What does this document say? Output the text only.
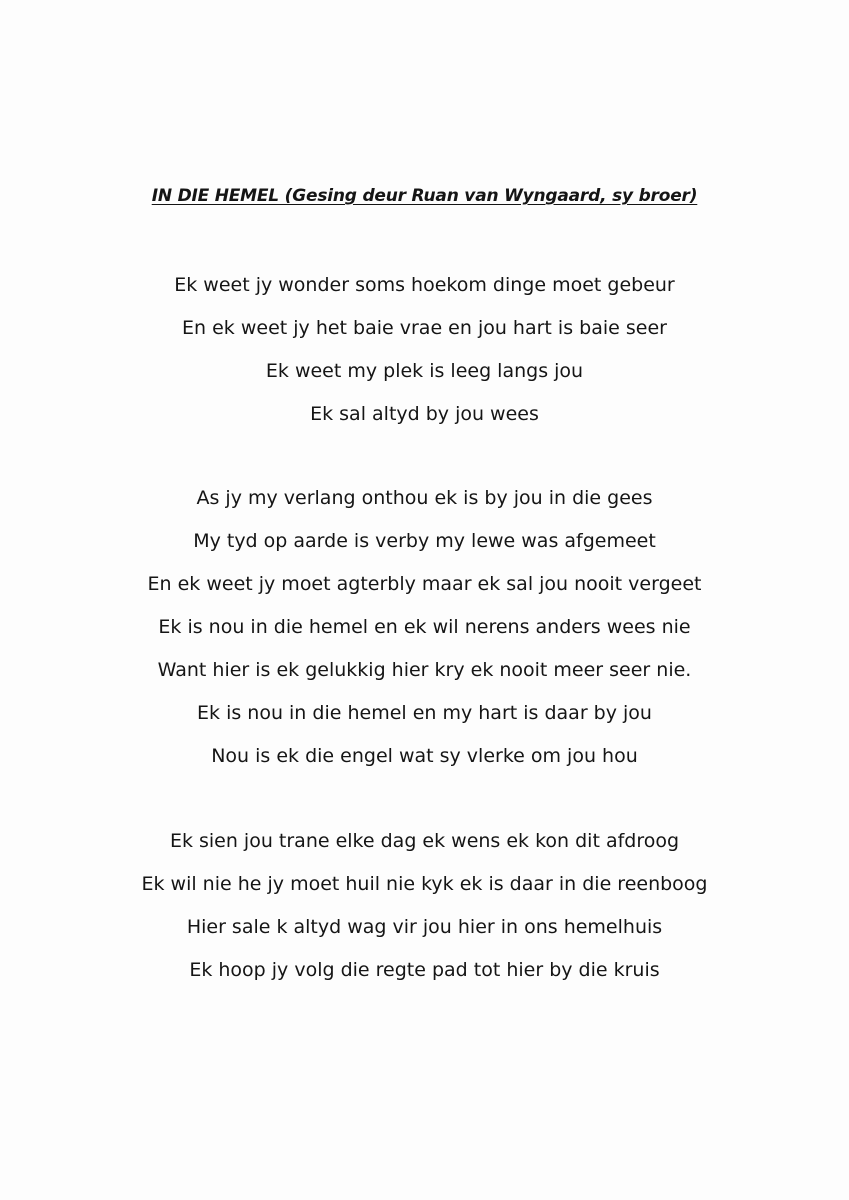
IN DIE HEMEL (Gesing deur Ruan van Wyngaard, sy broer)
Ek weet jy wonder soms hoekom dinge moet gebeur
En ek weet jy het baie vrae en jou hart is baie seer
Ek weet my plek is leeg langs jou
Ek sal altyd by jou wees
As jy my verlang onthou ek is by jou in die gees
My tyd op aarde is verby my lewe was afgemeet
En ek weet jy moet agterbly maar ek sal jou nooit vergeet
Ek is nou in die hemel en ek wil nerens anders wees nie
Want hier is ek gelukkig hier kry ek nooit meer seer nie.
Ek is nou in die hemel en my hart is daar by jou
Nou is ek die engel wat sy vlerke om jou hou
Ek sien jou trane elke dag ek wens ek kon dit afdroog
Ek wil nie he jy moet huil nie kyk ek is daar in die reenboog
Hier sale k altyd wag vir jou hier in ons hemelhuis
Ek hoop jy volg die regte pad tot hier by die kruis
